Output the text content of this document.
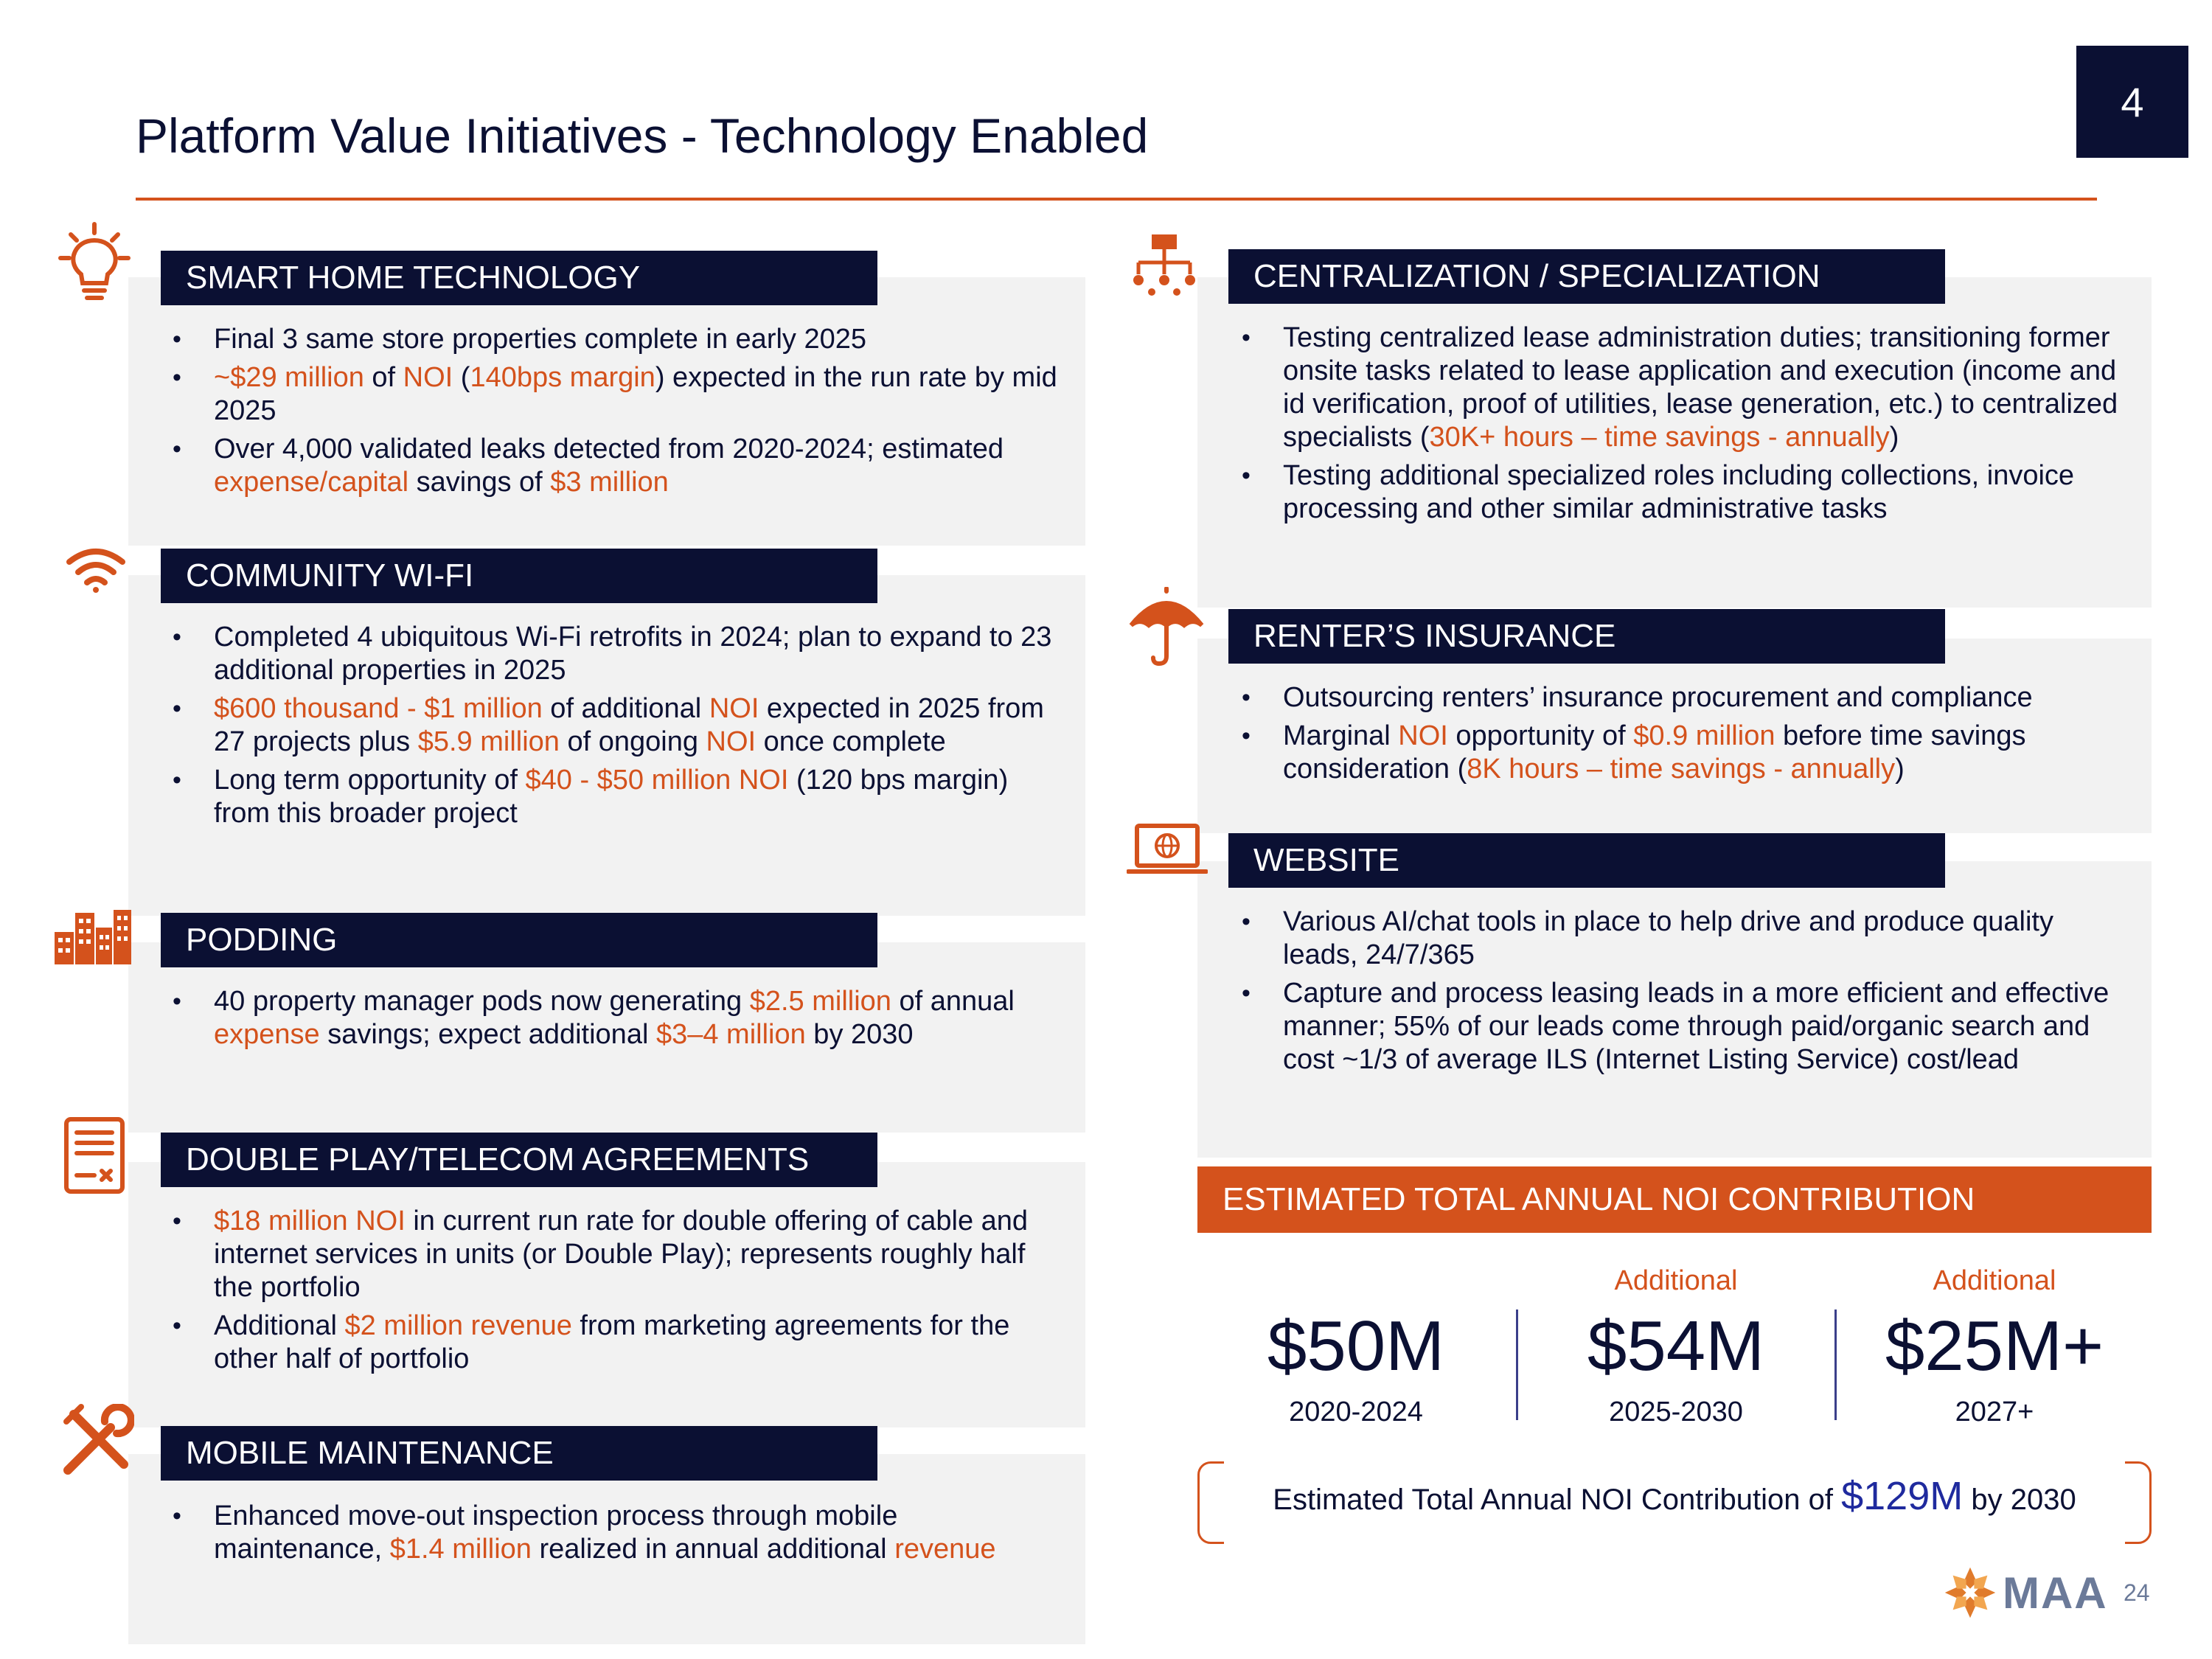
Platform Value Initiatives - Technology Enabled
4
SMART HOME TECHNOLOGY
• Final 3 same store properties complete in early 2025
• ~$29 million of NOI (140bps margin) expected in the run rate by mid 2025
• Over 4,000 validated leaks detected from 2020-2024; estimated expense/capital savings of $3 million
COMMUNITY WI-FI
• Completed 4 ubiquitous Wi-Fi retrofits in 2024; plan to expand to 23 additional properties in 2025
• $600 thousand - $1 million of additional NOI expected in 2025 from 27 projects plus $5.9 million of ongoing NOI once complete
• Long term opportunity of $40 - $50 million NOI (120 bps margin) from this broader project
PODDING
• 40 property manager pods now generating $2.5 million of annual expense savings; expect additional $3–4 million by 2030
DOUBLE PLAY/TELECOM AGREEMENTS
• $18 million NOI in current run rate for double offering of cable and internet services in units (or Double Play); represents roughly half the portfolio
• Additional $2 million revenue from marketing agreements for the other half of portfolio
MOBILE MAINTENANCE
• Enhanced move-out inspection process through mobile maintenance, $1.4 million realized in annual additional revenue
CENTRALIZATION / SPECIALIZATION
• Testing centralized lease administration duties; transitioning former onsite tasks related to lease application and execution (income and id verification, proof of utilities, lease generation, etc.) to centralized specialists (30K+ hours – time savings - annually)
• Testing additional specialized roles including collections, invoice processing and other similar administrative tasks
RENTER’S INSURANCE
• Outsourcing renters’ insurance procurement and compliance
• Marginal NOI opportunity of $0.9 million before time savings consideration (8K hours – time savings - annually)
WEBSITE
• Various AI/chat tools in place to help drive and produce quality leads, 24/7/365
• Capture and process leasing leads in a more efficient and effective manner; 55% of our leads come through paid/organic search and cost ~1/3 of average ILS (Internet Listing Service) cost/lead
ESTIMATED TOTAL ANNUAL NOI CONTRIBUTION
$50M
2020-2024
Additional
$54M
2025-2030
Additional
$25M+
2027+
Estimated Total Annual NOI Contribution of $129M by 2030
MAA 24
